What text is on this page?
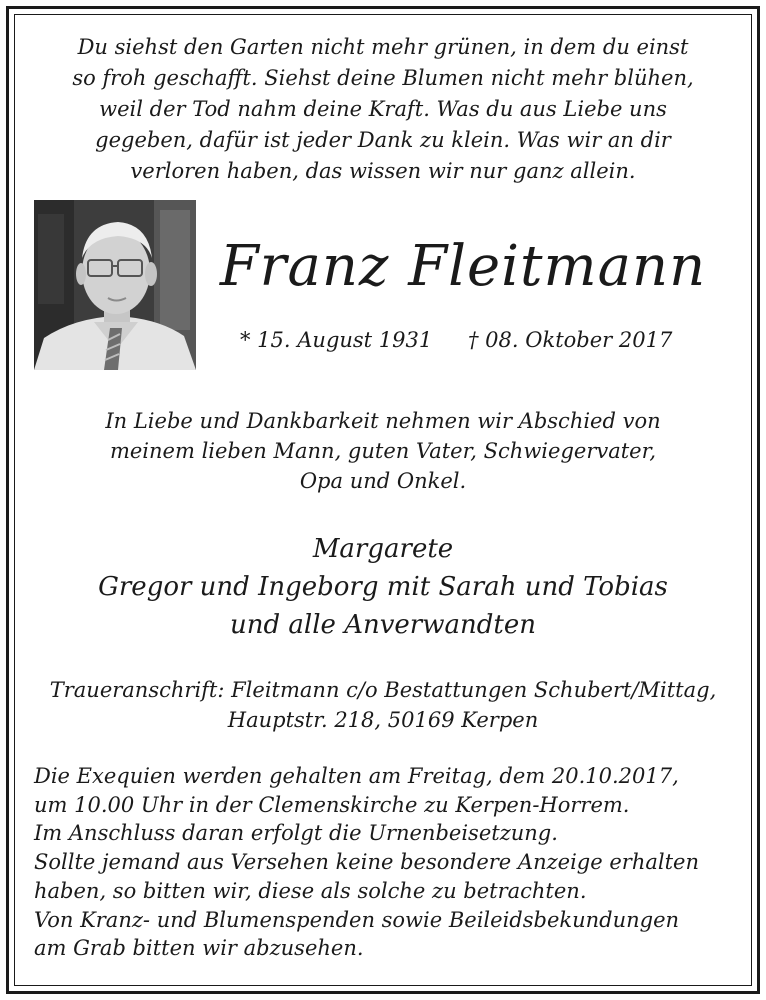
Du siehst den Garten nicht mehr grünen, in dem du einst
so froh geschafft. Siehst deine Blumen nicht mehr blühen,
weil der Tod nahm deine Kraft. Was du aus Liebe uns
gegeben, dafür ist jeder Dank zu klein. Was wir an dir
verloren haben, das wissen wir nur ganz allein.
Franz Fleitmann
* 15. August 1931 † 08. Oktober 2017
In Liebe und Dankbarkeit nehmen wir Abschied von
meinem lieben Mann, guten Vater, Schwiegervater,
Opa und Onkel.
Margarete
Gregor und Ingeborg mit Sarah und Tobias
und alle Anverwandten
Traueranschrift: Fleitmann c/o Bestattungen Schubert/Mittag,
Hauptstr. 218, 50169 Kerpen
Die Exequien werden gehalten am Freitag, dem 20.10.2017,
um 10.00 Uhr in der Clemenskirche zu Kerpen-Horrem.
Im Anschluss daran erfolgt die Urnenbeisetzung.
Sollte jemand aus Versehen keine besondere Anzeige erhalten
haben, so bitten wir, diese als solche zu betrachten.
Von Kranz- und Blumenspenden sowie Beileidsbekundungen
am Grab bitten wir abzusehen.
